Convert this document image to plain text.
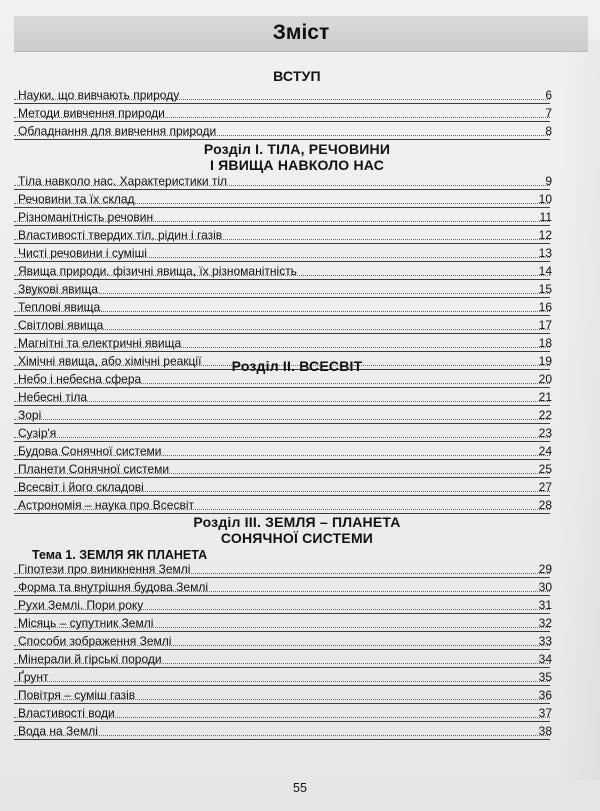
Зміст
ВСТУП
Науки, що вивчають природу	6
Методи вивчення природи	7
Обладнання для вивчення природи	8
Розділ І. ТІЛА, РЕЧОВИНИ
І ЯВИЩА НАВКОЛО НАС
Тіла навколо нас. Характеристики тіл	9
Речовини та їх склад	10
Різноманітність речовин	11
Властивості твердих тіл, рідин і газів	12
Чисті речовини і суміші	13
Явища природи. фізичні явища, їх різноманітність	14
Звукові явища	15
Теплові явища	16
Світлові явища	17
Магнітні та електричні явища	18
Хімічні явища, або хімічні реакції	19
Розділ ІІ. ВСЕСВІТ
Небо і небесна сфера	20
Небесні тіла	21
Зорі	22
Сузір'я	23
Будова Сонячної системи	24
Планети Сонячної системи	25
Всесвіт і його складові	27
Астрономія – наука про Всесвіт	28
Розділ ІІІ. ЗЕМЛЯ – ПЛАНЕТА
СОНЯЧНОЇ СИСТЕМИ
Тема 1. ЗЕМЛЯ ЯК ПЛАНЕТА
Гіпотези про виникнення Землі	29
Форма та внутрішня будова Землі	30
Рухи Землі. Пори року	31
Місяць – супутник Землі	32
Способи зображення Землі	33
Мінерали й гірські породи	34
Ґрунт	35
Повітря – суміш газів	36
Властивості води	37
Вода на Землі	38
55
